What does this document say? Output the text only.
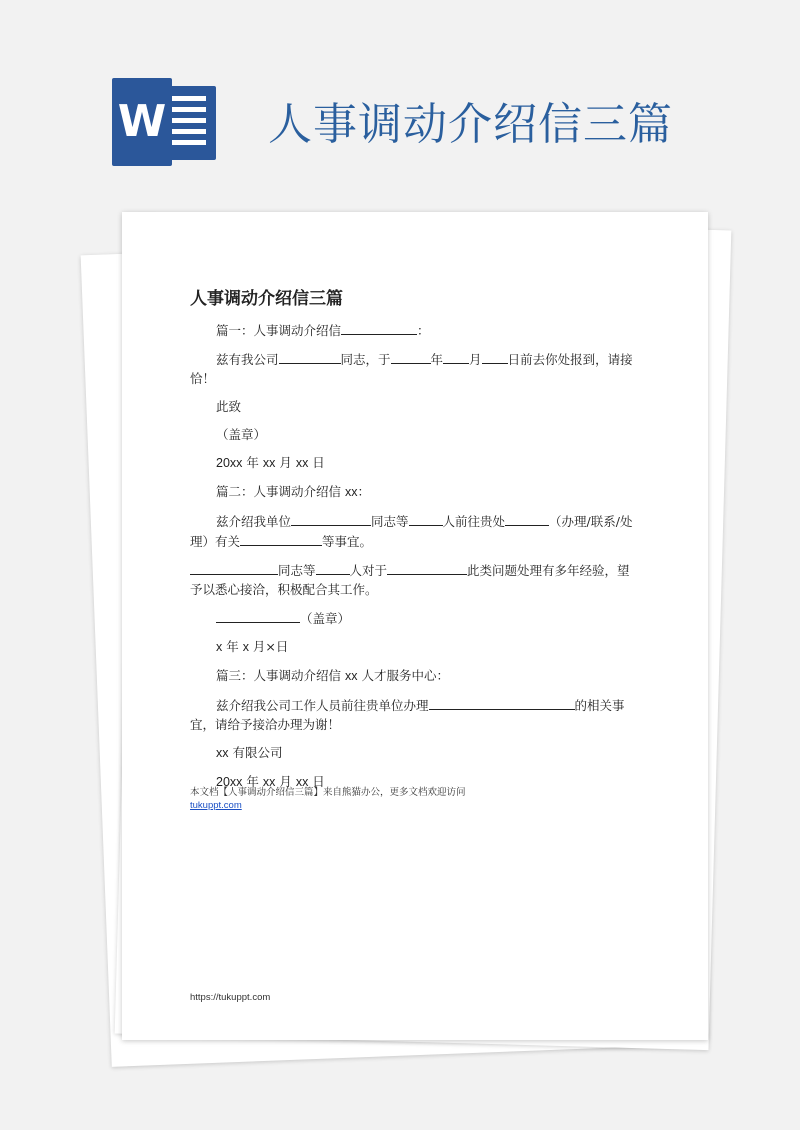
W 人事调动介绍信三篇
人事调动介绍信三篇

篇一：人事调动介绍信	：

兹有我公司	同志，于	年 月 日前去你处报到，请接恰！

此致

（盖章）

20xx 年 xx 月 xx 日

篇二：人事调动介绍信 xx：

兹介绍我单位	同志等	人前往贵处	（办理/联系/处理）有关	等事宜。

同志等	人对于	此类问题处理有多年经验，望予以悉心接洽，积极配合其工作。

（盖章）

x 年 x 月×日

篇三：人事调动介绍信 xx 人才服务中心：

兹介绍我公司工作人员前往贵单位办理	的相关事宜，请给予接洽办理为谢！

xx 有限公司

20xx 年 xx 月 xx 日

本文档【人事调动介绍信三篇】来自熊猫办公，更多文档欢迎访问
tukuppt.com
https://tukuppt.com
